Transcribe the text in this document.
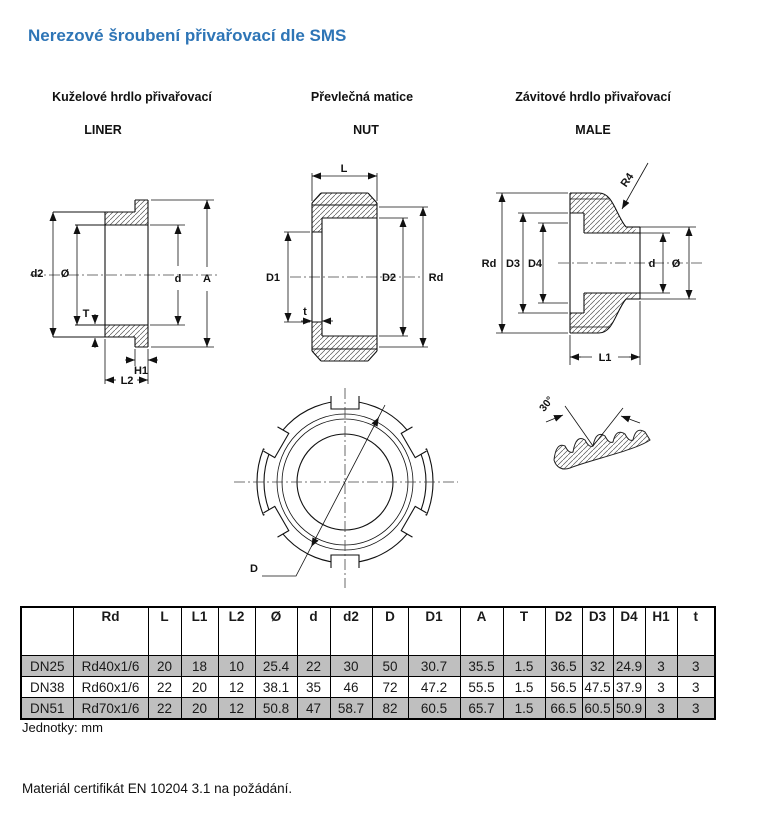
Nerezové šroubení přivařovací dle SMS
Kuželové hrdlo přivařovací	Převlečná matice	Závitové hrdlo přivařovací
LINER	NUT	MALE
d2 Ø
T
d A
H1
L2
L
D1
t
D2	Rd
Rd D3 D4	d Ø
L1
R4
D
30°
	Rd	L	L1	L2	Ø	d	d2	D	D1	A	T	D2	D3	D4	H1	t
DN25	Rd40x1/6	20	18	10	25.4	22	30	50	30.7	35.5	1.5	36.5	32	24.9	3	3
DN38	Rd60x1/6	22	20	12	38.1	35	46	72	47.2	55.5	1.5	56.5	47.5	37.9	3	3
DN51	Rd70x1/6	22	20	12	50.8	47	58.7	82	60.5	65.7	1.5	66.5	60.5	50.9	3	3
Jednotky: mm
Materiál certifikát EN 10204 3.1 na požádání.
